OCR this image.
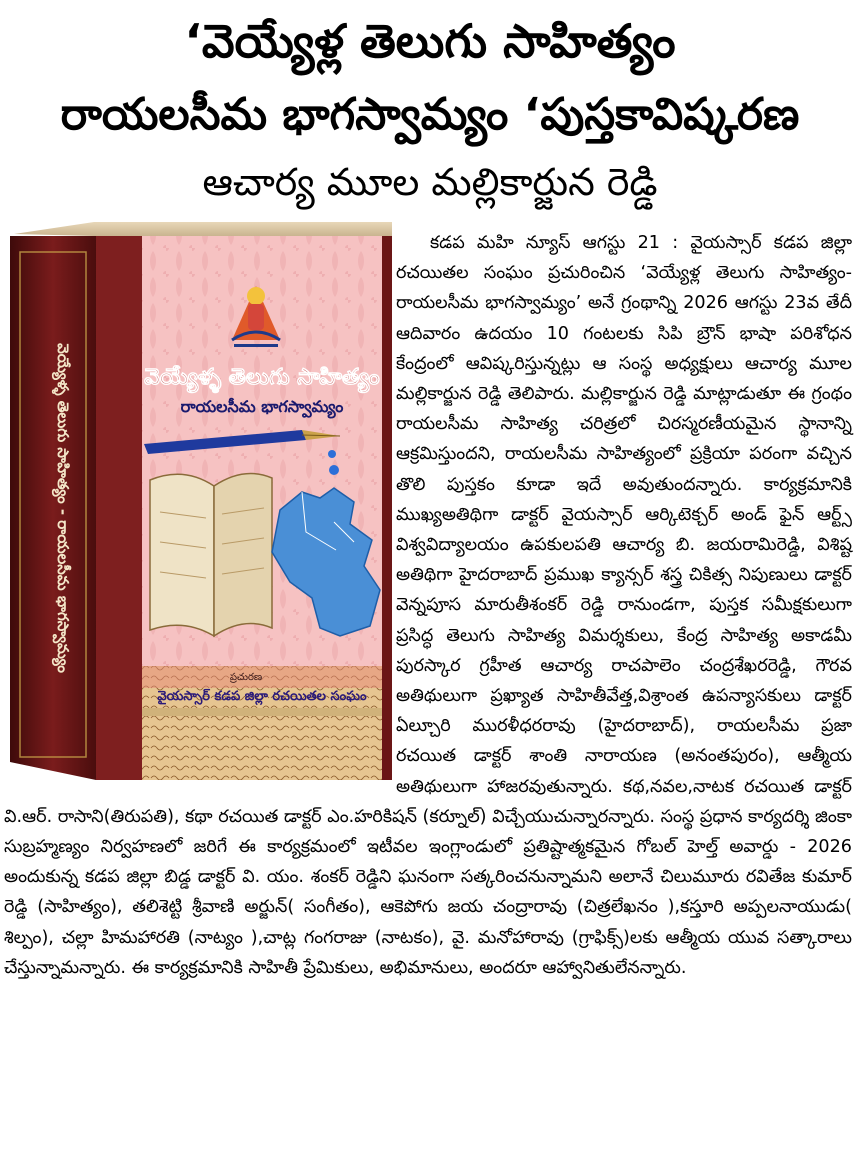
‘వెయ్యేళ్ల తెలుగు సాహిత్యం
రాయలసీమ భాగస్వామ్యం ‘పుస్తకావిష్కరణ
ఆచార్య మూల మల్లికార్జున రెడ్డి
వెయ్యేళ్ళ తెలుగు సాహిత్యం
రాయలసీమ భాగస్వామ్యం
ప్రచురణ
వైయస్సార్ కడప జిల్లా రచయితల సంఘం
వెయ్యేళ్ళ తెలుగు సాహిత్యం - రాయలసీమ భాగస్వామ్యం

కడప మహి న్యూస్ ఆగస్టు 21 : వైయస్సార్ కడప జిల్లా రచయితల సంఘం ప్రచురించిన ‘వెయ్యేళ్ల తెలుగు సాహిత్యం- రాయలసీమ భాగస్వామ్యం’ అనే గ్రంథాన్ని 2026 ఆగస్టు 23వ తేదీ ఆదివారం ఉదయం 10 గంటలకు సిపి బ్రౌన్ భాషా పరిశోధన కేంద్రంలో ఆవిష్కరిస్తున్నట్లు ఆ సంస్థ అధ్యక్షులు ఆచార్య మూల మల్లికార్జున రెడ్డి తెలిపారు. మల్లికార్జున రెడ్డి మాట్లాడుతూ ఈ గ్రంథం రాయలసీమ సాహిత్య చరిత్రలో చిరస్మరణీయమైన స్థానాన్ని ఆక్రమిస్తుందని, రాయలసీమ సాహిత్యంలో ప్రక్రియా పరంగా వచ్చిన తొలి పుస్తకం కూడా ఇదే అవుతుందన్నారు. కార్యక్రమానికి ముఖ్యఅతిథిగా డాక్టర్ వైయస్సార్ ఆర్కిటెక్చర్ అండ్ ఫైన్ ఆర్ట్స్ విశ్వవిద్యాలయం ఉపకులపతి ఆచార్య బి. జయరామిరెడ్డి, విశిష్ట అతిథిగా హైదరాబాద్ ప్రముఖ క్యాన్సర్ శస్త్ర చికిత్స నిపుణులు డాక్టర్ వెన్నపూస మారుతీశంకర్ రెడ్డి రానుండగా, పుస్తక సమీక్షకులుగా ప్రసిద్ధ తెలుగు సాహిత్య విమర్శకులు, కేంద్ర సాహిత్య అకాడమీ పురస్కార గ్రహీత ఆచార్య రాచపాలెం చంద్రశేఖరరెడ్డి, గౌరవ అతిథులుగా ప్రఖ్యాత సాహితీవేత్త,విశ్రాంత ఉపన్యాసకులు డాక్టర్ ఏల్చూరి మురళీధరరావు (హైదరాబాద్), రాయలసీమ ప్రజా రచయిత డాక్టర్ శాంతి నారాయణ (అనంతపురం), ఆత్మీయ అతిథులుగా హాజరవుతున్నారు. కథ,నవల,నాటక రచయిత డాక్టర్ వి.ఆర్. రాసాని(తిరుపతి), కథా రచయిత డాక్టర్ ఎం.హరికిషన్ (కర్నూల్) విచ్చేయుచున్నారన్నారు. సంస్థ ప్రధాన కార్యదర్శి జింకా సుబ్రహ్మణ్యం నిర్వహణలో జరిగే ఈ కార్యక్రమంలో ఇటీవల ఇంగ్లాండులో ప్రతిష్టాత్మకమైన గోబల్ హెల్త్ అవార్డు - 2026 అందుకున్న కడప జిల్లా బిడ్డ డాక్టర్ వి. యం. శంకర్ రెడ్డిని ఘనంగా సత్కరించనున్నామని అలానే చిలుమూరు రవితేజ కుమార్ రెడ్డి (సాహిత్యం), తలిశెట్టి శ్రీవాణి అర్జున్( సంగీతం), ఆకెపోగు జయ చంద్రారావు (చిత్రలేఖనం ),కస్తూరి అప్పలనాయుడు( శిల్పం), చల్లా హిమహారతి (నాట్యం ),చాట్ల గంగరాజు (నాటకం), వై. మనోహారావు (గ్రాఫిక్స్)లకు ఆత్మీయ యువ సత్కారాలు చేస్తున్నామన్నారు. ఈ కార్యక్రమానికి సాహితీ ప్రేమికులు, అభిమానులు, అందరూ ఆహ్వానితులేనన్నారు.
